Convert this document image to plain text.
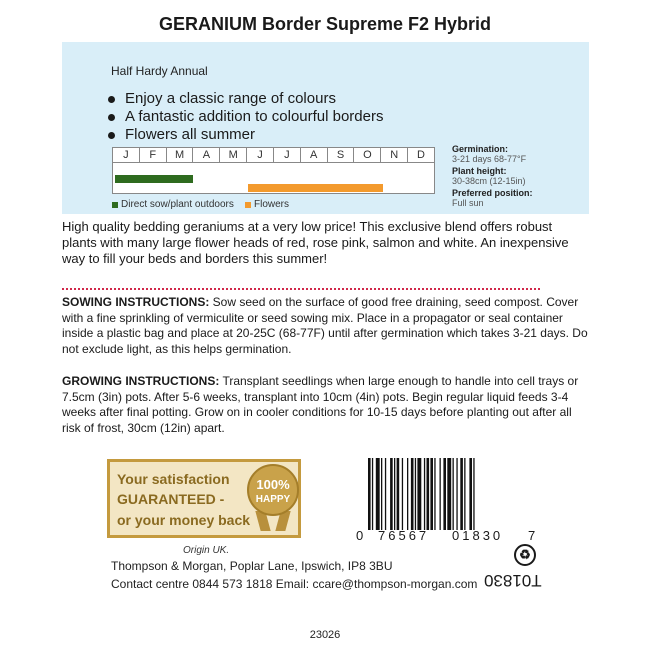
GERANIUM Border Supreme F2 Hybrid
Half Hardy Annual
Enjoy a classic range of colours
A fantastic addition to colourful borders
Flowers all summer
J	F	M	A	M	J	J	A	S	O	N	D
Direct sow/plant outdoors Flowers
Germination:
3-21 days 68-77°F
Plant height:
30-38cm (12-15in)
Preferred position:
Full sun
High quality bedding geraniums at a very low price! This exclusive blend offers robust plants with many large flower heads of red, rose pink, salmon and white. An inexpensive way to fill your beds and borders this summer!
SOWING INSTRUCTIONS: Sow seed on the surface of good free draining, seed compost. Cover with a fine sprinkling of vermiculite or seed sowing mix. Place in a propagator or seal container inside a plastic bag and place at 20-25C (68-77F) until after germination which takes 3-21 days. Do not exclude light, as this helps germination.
GROWING INSTRUCTIONS: Transplant seedlings when large enough to handle into cell trays or 7.5cm (3in) pots. After 5-6 weeks, transplant into 10cm (4in) pots. Begin regular liquid feeds 3-4 weeks after final potting. Grow on in cooler conditions for 10-15 days before planting out after all risk of frost, 30cm (12in) apart.
Your satisfaction
GUARANTEED -
or your money back
100%
HAPPY
0 76567 01830 7
Origin UK.
Thompson & Morgan, Poplar Lane, Ipswich, IP8 3BU
Contact centre 0844 573 1818 Email: ccare@thompson-morgan.com
♻
T01830
23026
